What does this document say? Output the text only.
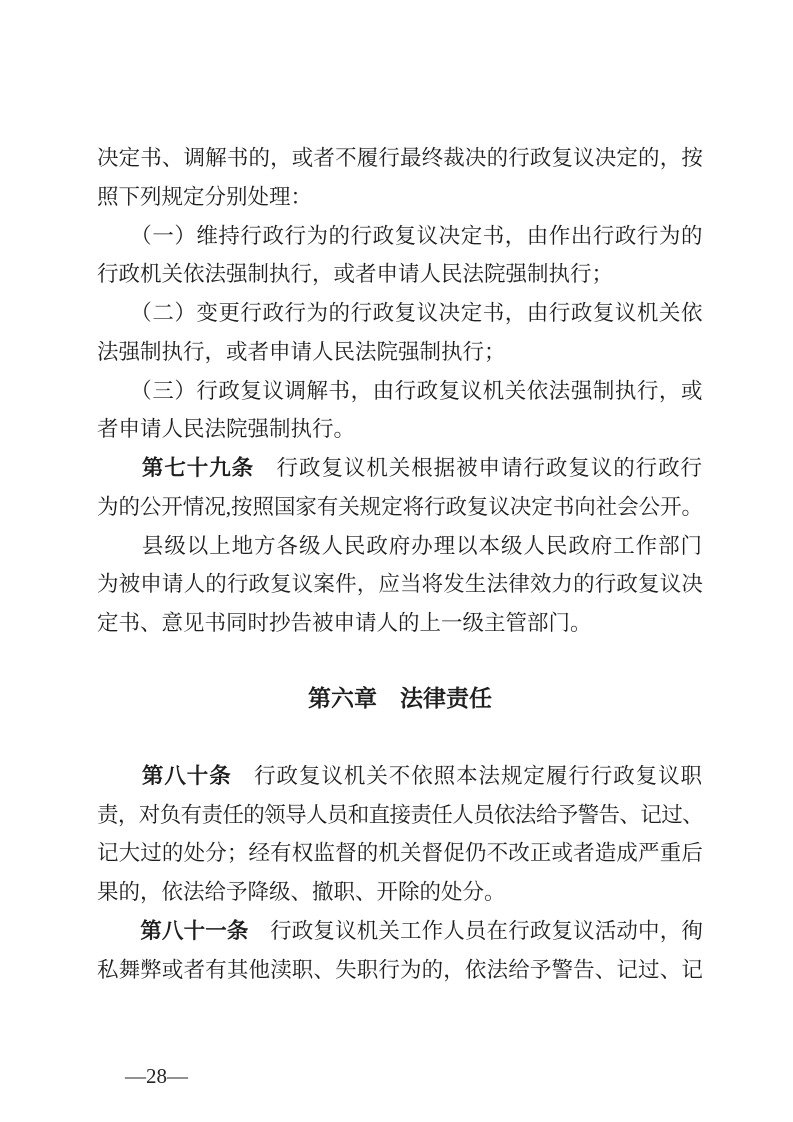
决定书、调解书的，或者不履行最终裁决的行政复议决定的，按
照下列规定分别处理：
　　（一）维持行政行为的行政复议决定书，由作出行政行为的
行政机关依法强制执行，或者申请人民法院强制执行；
　　（二）变更行政行为的行政复议决定书，由行政复议机关依
法强制执行，或者申请人民法院强制执行；
　　（三）行政复议调解书，由行政复议机关依法强制执行，或
者申请人民法院强制执行。
　　第七十九条　行政复议机关根据被申请行政复议的行政行
为的公开情况,按照国家有关规定将行政复议决定书向社会公开。
　　县级以上地方各级人民政府办理以本级人民政府工作部门
为被申请人的行政复议案件，应当将发生法律效力的行政复议决
定书、意见书同时抄告被申请人的上一级主管部门。
第六章　法律责任
　　第八十条　行政复议机关不依照本法规定履行行政复议职
责，对负有责任的领导人员和直接责任人员依法给予警告、记过、
记大过的处分；经有权监督的机关督促仍不改正或者造成严重后
果的，依法给予降级、撤职、开除的处分。
　　第八十一条　行政复议机关工作人员在行政复议活动中，徇
私舞弊或者有其他渎职、失职行为的，依法给予警告、记过、记
—28—
